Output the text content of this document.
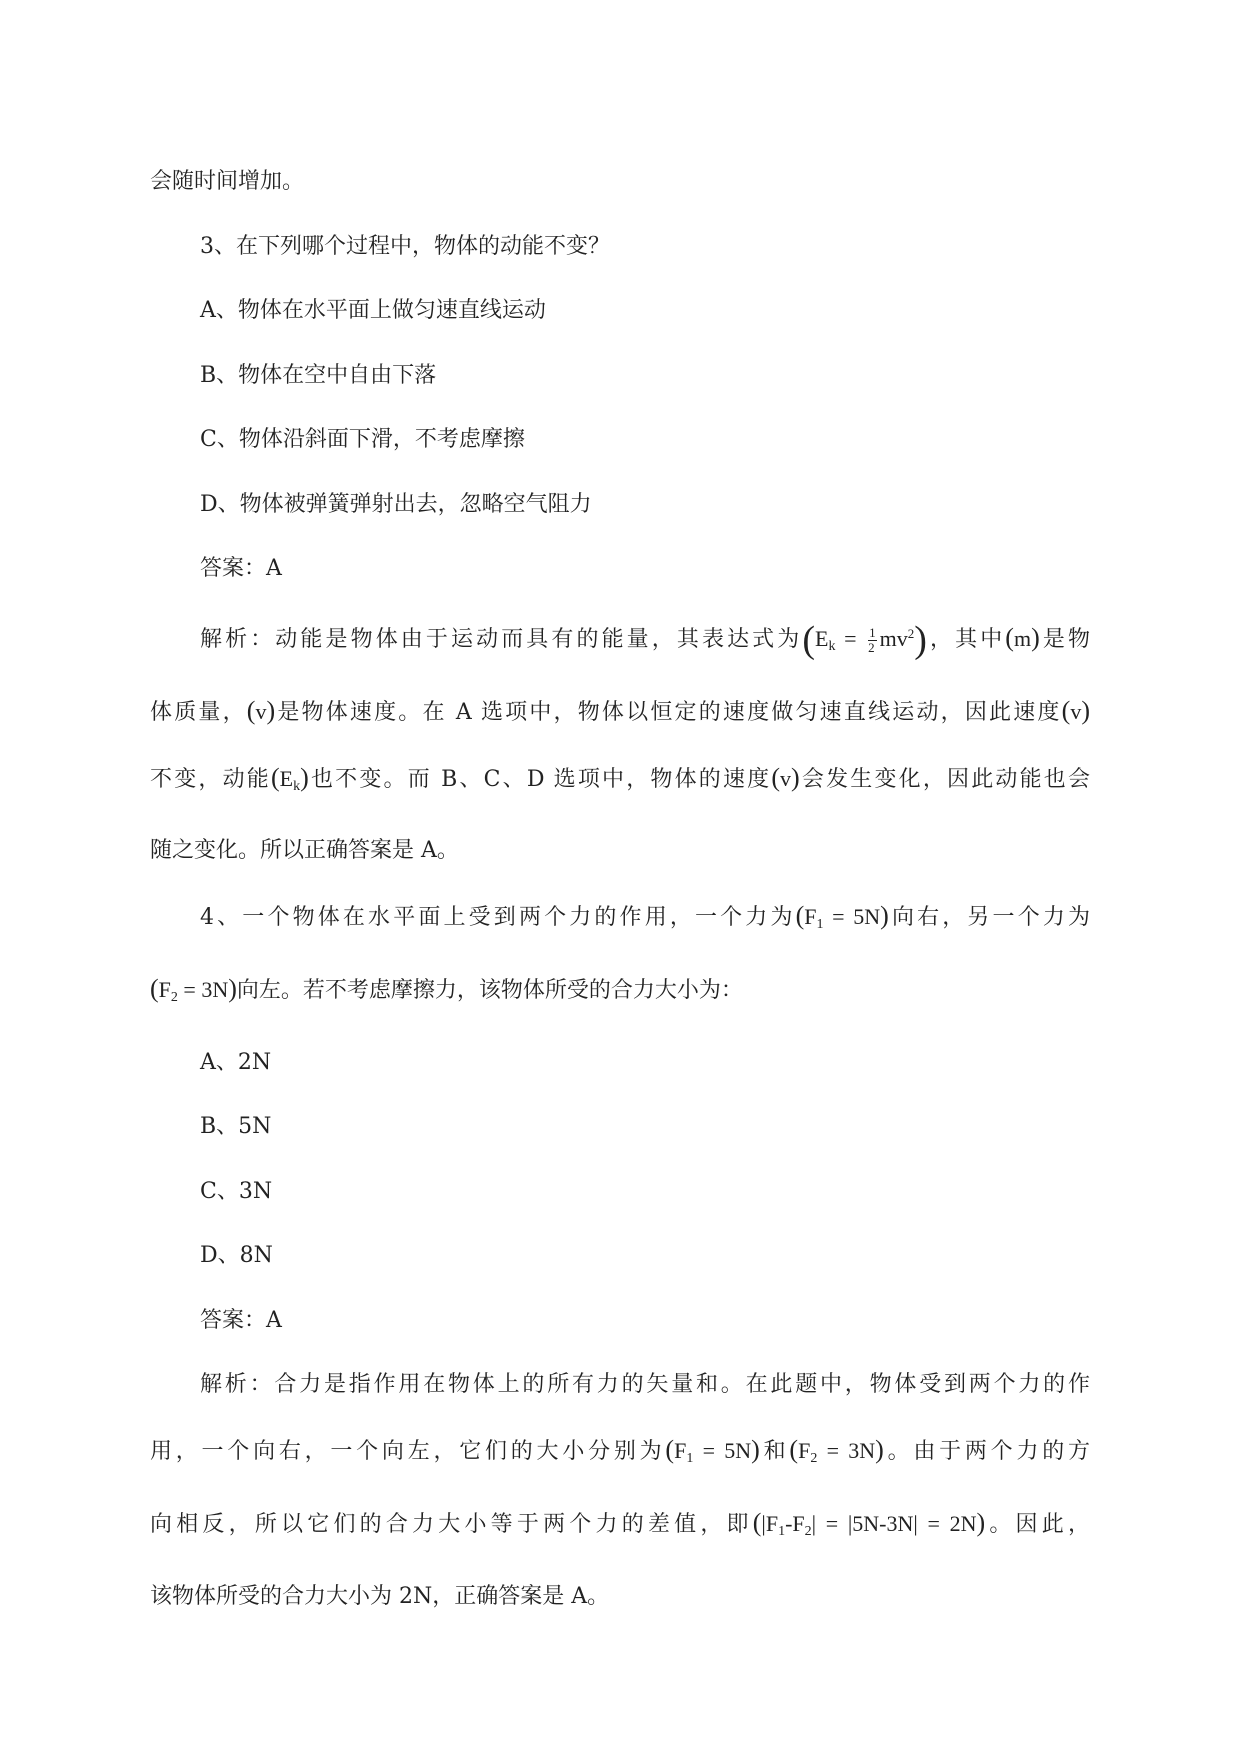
会随时间增加。

3、在下列哪个过程中，物体的动能不变？

A、物体在水平面上做匀速直线运动

B、物体在空中自由下落

C、物体沿斜面下滑，不考虑摩擦

D、物体被弹簧弹射出去，忽略空气阻力

答案：A

解析：动能是物体由于运动而具有的能量，其表达式为$(E_k = \frac{1}{2} mv^2)$，其中(m)是物

体质量，(v)是物体速度。在 A 选项中，物体以恒定的速度做匀速直线运动，因此速度(v)

不变，动能$(E_k)$也不变。而 B、C、D 选项中，物体的速度(v)会发生变化，因此动能也会

随之变化。所以正确答案是 A。

4、一个物体在水平面上受到两个力的作用，一个力为$(F_1 = 5N)$向右，另一个力为

$(F_2 = 3N)$向左。若不考虑摩擦力，该物体所受的合力大小为：

A、2N

B、5N

C、3N

D、8N

答案：A

解析：合力是指作用在物体上的所有力的矢量和。在此题中，物体受到两个力的作

用，一个向右，一个向左，它们的大小分别为$(F_1 = 5N)$和$(F_2 = 3N)$。由于两个力的方

向相反，所以它们的合力大小等于两个力的差值，即$(|F_1-F_2| = |5N-3N| = 2N)$。因此，

该物体所受的合力大小为 2N，正确答案是 A。
